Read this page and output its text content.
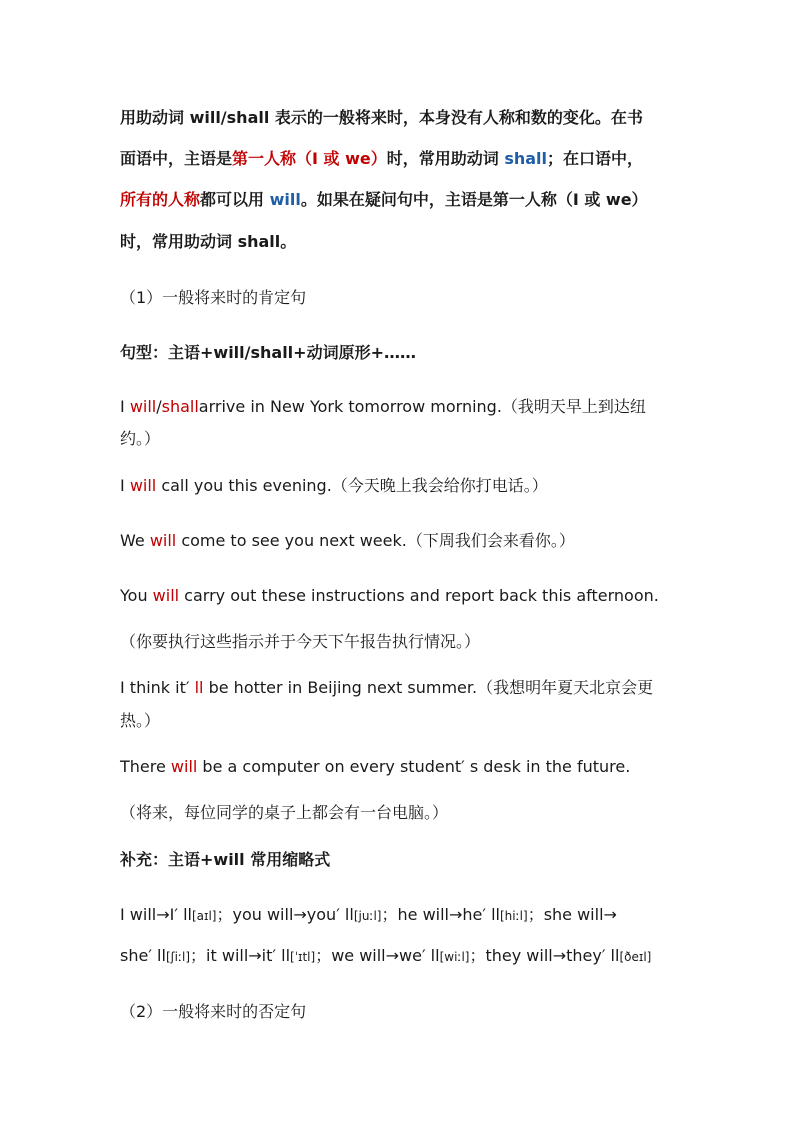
用助动词 will/shall 表示的一般将来时，本身没有人称和数的变化。在书
面语中，主语是第一人称（I 或 we）时，常用助动词 shall；在口语中，
所有的人称都可以用 will。如果在疑问句中，主语是第一人称（I 或 we）
时，常用助动词 shall。
（1）一般将来时的肯定句
句型：主语+will/shall+动词原形+……
I will/shallarrive in New York tomorrow morning.（我明天早上到达纽
约。）
I will call you this evening.（今天晚上我会给你打电话。）
We will come to see you next week.（下周我们会来看你。）
You will carry out these instructions and report back this afternoon.
（你要执行这些指示并于今天下午报告执行情况。）
I think it′ ll be hotter in Beijing next summer.（我想明年夏天北京会更
热。）
There will be a computer on every student′ s desk in the future.
（将来，每位同学的桌子上都会有一台电脑。）
补充：主语+will 常用缩略式
I will→I′ ll[aɪl]；you will→you′ ll[juːl]；he will→he′ ll[hiːl]；she will→
she′ ll[ʃiːl]；it will→it′ ll[ˈɪtl]；we will→we′ ll[wiːl]；they will→they′ ll[ðeɪl]
（2）一般将来时的否定句
